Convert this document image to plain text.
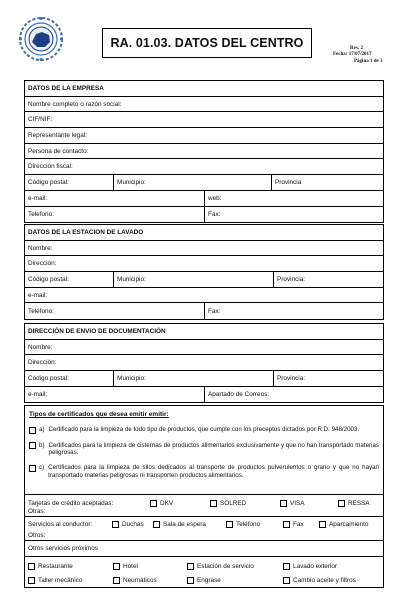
RA. 01.03. DATOS DEL CENTRO	Rev. 2
Fecha: 17/07/2017
Página 1 de 3
DATOS DE LA EMPRESA
Nombre completo o razón social:
CIF/NIF:
Representante legal:
Persona de contacto:
Dirección fiscal:
Código postal:	Municipio:	Provincia
e-mail:	web:
Telefono:	Fax:
DATOS DE LA ESTACION DE LAVADO
Nombre:
Dirección:
Código postal:	Municipio:	Provincia:
e-mail:
Teléfono:	Fax:
DIRECCIÓN DE ENVIO DE DOCUMENTACIÓN
Nombre:
Dirección:
Código postal:	Municipio:	Provincia:
e-mail:	Apartado de Correos:
Tipos de certificados que desea emitir emitir:
a) Certificado para la limpieza de todo tipo de productos, que cumple con los preceptos dictados por R.D. 948/2003.
b) Certificados para la limpieza de cisternas de productos alimentarios exclusivamente y que no han transportado materias peligrosas.
c) Certificados para la limpieza de silos dedicados al transporte de productos pulverulentos o grano y que no hayan transportado materias peligrosas ni transporten productos alimentarios.
Tarjetas de crédito aceptadas:	DKV	SOLRED	VISA	RESSA
Otras:
Servicios al conductor:	Duchas	Sala de espera	Teléfono	Fax	Aparcamiento
Otros:
Otros servicios próximos
Restaurante	Hotel	Estación de servicio	Lavado exterior
Taller mecánico	Neumáticos	Engrase	Cambio aceite y filtros
